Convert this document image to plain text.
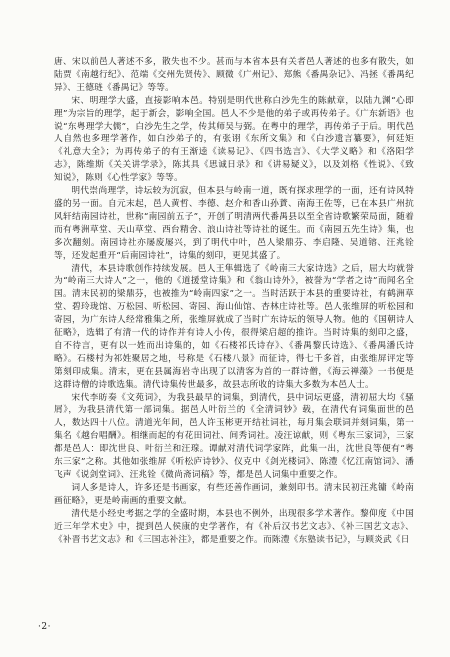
唐、宋以前邑人著述不多，散失也不少。甚而与本省本县有关者邑人著述的也多有散失，如陆贾《南越行纪》、范端《交州先贤传》、顾微《广州记》、郑熊《番禺杂记》、冯拯《番禺纪异》、王德琏《番禺记》等等。

宋、明理学大盛，直接影响本邑。特别是明代世称白沙先生的陈献章，以陆九渊“心即理”为宗旨的理学，起于新会，影响全国。邑人不少是他的弟子或再传弟子。《广东新语》也说“东粤理学大儒”，白沙先生之学，传其师吴与弼。在粤中的理学，再传弟子于后。明代邑人自然也多理学著作，如白沙弟子的，有张诩《东所文集》和《白沙遗言纂要》，何廷矩《礼意大全》；为再传弟子的有王渐逵《读易记》、《四书选言》、《大学义略》和《洛阳学志》，陈维斯《关关讲学录》，陈其具《思诚日录》和《讲易疑义》，以及刘格《性说》、《致知说》，陈则《心性学家》等等。

明代崇尚理学，诗坛较为沉寂，但本县与岭南一道，既有探求理学的一面，还有诗风特盛的另一面。自元末起，邑人黄哲、李德、赵介和香山孙蕡、南海王佐等，已在本县广州抗风轩结南园诗社，世称“南园前五子”，开创了明清两代番禺县以至全省诗歌繁荣局面，随着而有粤洲草堂、天山草堂、西台精舍、浪山诗社等诗社的诞生。而《南园五先生诗》集，也多次翻刻。南园诗社亦屡废屡兴，到了明代中叶，邑人梁鼎芬、李启隆、吴道镕、汪兆铨等，还发起重开“后南园诗社”，诗集的刻印，更见其盛了。

清代，本县诗歌创作持续发展。邑人王隼辑选了《岭南三大家诗选》之后，屈大均就誉为“岭南三大诗人”之一，他的《道援堂诗集》和《翁山诗外》，被誉为“学者之诗”而闻名全国。清末民初的梁鼎芬，也被推为“岭南四家”之一。当时活跃于本县的重要诗社，有鹤洲草堂、碧玲珑馆、万松园、听松园、寄园、海山仙馆、杏林庄诗社等。邑人张维屏的听松园和寄园，为广东诗人经常雅集之所，张维屏就成了当时广东诗坛的领导人物。他的《国朝诗人征略》，选辑了有清一代的诗作并有诗人小传，很得梁启超的推许。当时诗集的刻印之盛，自不待言，更有以一姓而出诗集的，如《石楼祁氏诗存》、《番禺黎氏诗选》、《番禺潘氏诗略》。石楼村为祁姓聚居之地，号称是《石楼八景》而征诗，得七千多首，由张维屏评定等第刻印成集。清末，更在县属海岩寺出现了以清客为首的一群诗僧，《海云禅藻》一书便是这群诗僧的诗歌选集。清代诗集传世最多，故县志所收的诗集大多数为本邑人士。

宋代李昉奏《文苑词》，为我县最早的词集，到清代，县中词坛更盛，清初屈大均《骚屑》，为我县清代第一部词集。据邑人叶衍兰的《全清词钞》载，在清代有词集面世的邑人，数达四十八位。清道光年间，邑人许玉彬更开结社词社，每月集会联词并刻词集，第一集名《越台唱酬》。相继而起的有花田词社、间秀词社。凌汪谅献，则《粤东三家词》，三家都是邑人：即沈世良、叶衍兰和汪瑔。谭献对清代词学家阵，此集一出，沈世良等便有“粤东三家”之称。其他如张维屏《听松庐诗钞》、仪克中《剑光楼词》、陈澧《忆江南馆词》、潘飞声《说剑堂词》、汪兆铨《微尚斋词稿》等，都是邑人词集中重要之作。

词人多是诗人，许多还是书画家，有些还善作画词，兼刻印书。清末民初汪兆镛《岭南画征略》，更是岭南画的重要文献。

清代是小经史考据之学的全盛时期，本县也不例外，出现很多学术著作。黎仰度《中国近三年学术史》中，提到邑人侯康的史学著作，有《补后汉书艺文志》、《补三国艺文志》、《补晋书艺文志》和《三国志补注》，都是重要之作。而陈澧《东塾读书记》，与顾炎武《日

·2·
